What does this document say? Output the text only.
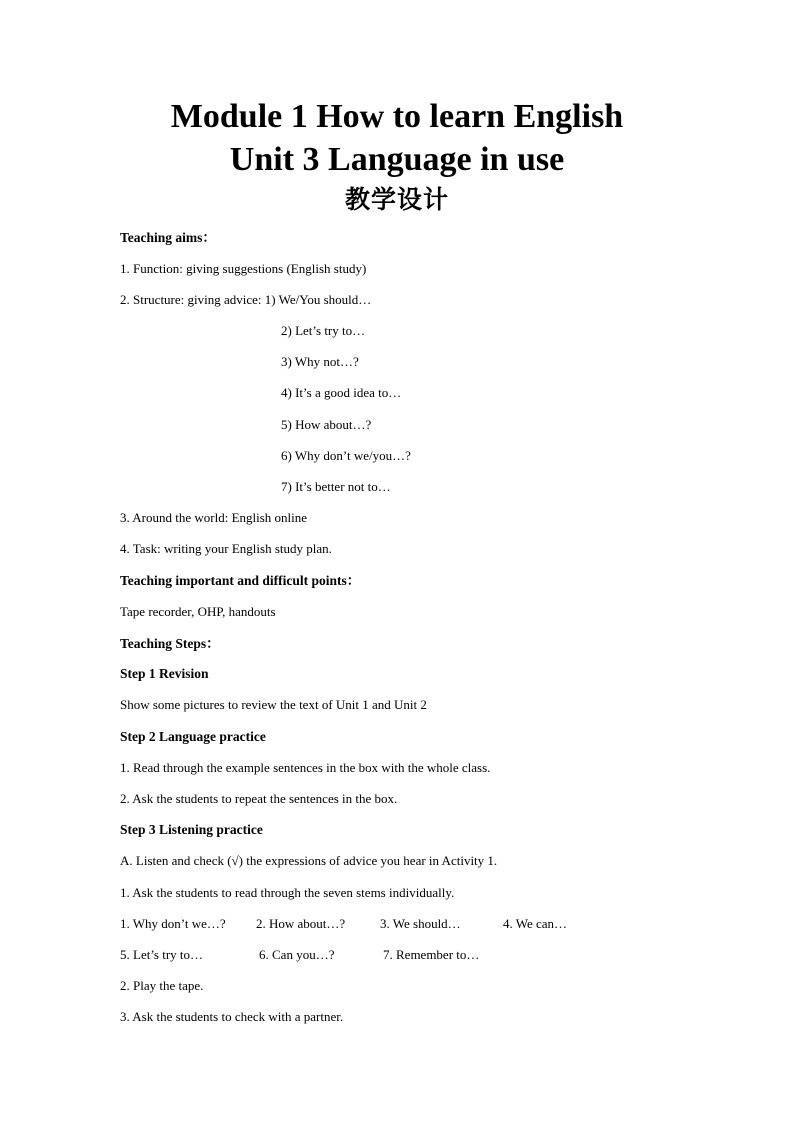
Module 1 How to learn English
Unit 3 Language in use
教学设计
Teaching aims：
1. Function: giving suggestions (English study)
2. Structure: giving advice: 1) We/You should…
2) Let’s try to…
3) Why not…?
4) It’s a good idea to…
5) How about…?
6) Why don’t we/you…?
7) It’s better not to…
3. Around the world: English online
4. Task: writing your English study plan.
Teaching important and difficult points：
Tape recorder, OHP, handouts
Teaching Steps：
Step 1 Revision
Show some pictures to review the text of Unit 1 and Unit 2
Step 2 Language practice
1. Read through the example sentences in the box with the whole class.
2. Ask the students to repeat the sentences in the box.
Step 3 Listening practice
A. Listen and check (√) the expressions of advice you hear in Activity 1.
1. Ask the students to read through the seven stems individually.
1. Why don’t we…? 2. How about…?	3. We should…	4. We can…
5. Let’s try to…	6. Can you…?	7. Remember to…
2. Play the tape.
3. Ask the students to check with a partner.
